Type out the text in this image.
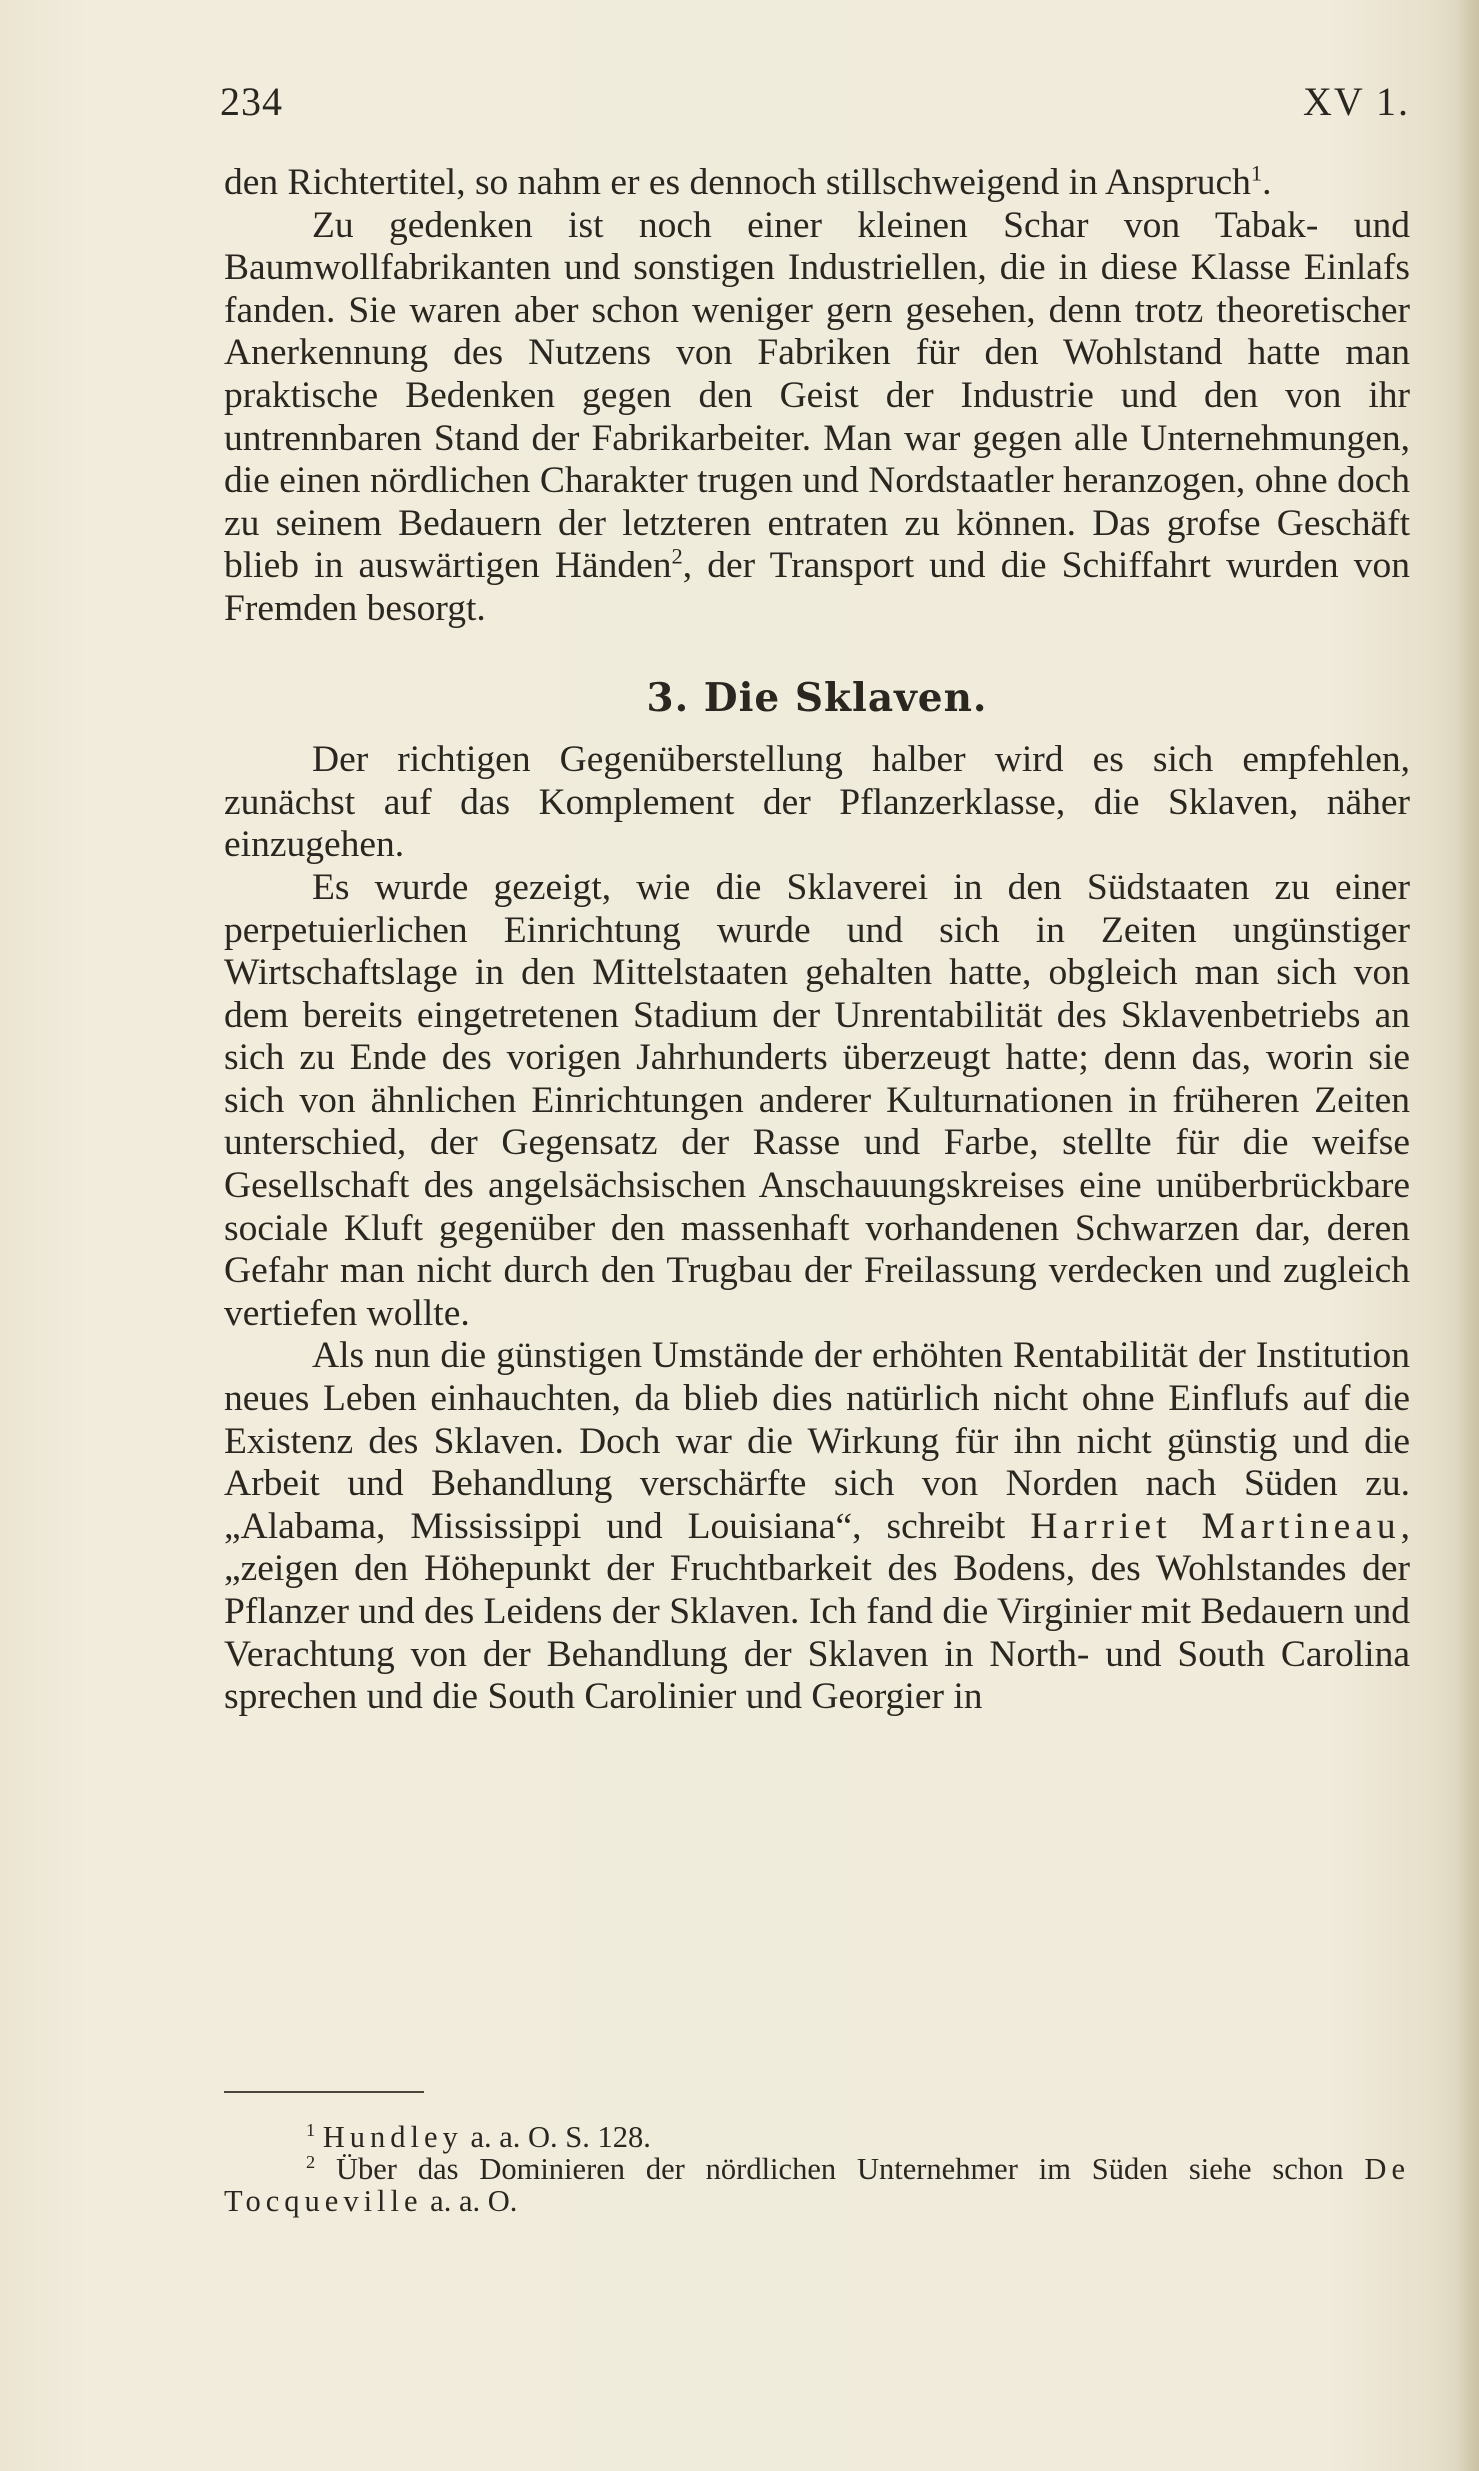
234	XV 1.

den Richtertitel, so nahm er es dennoch stillschweigend in Anspruch$^1$.

Zu gedenken ist noch einer kleinen Schar von Tabak- und Baumwollfabrikanten und sonstigen Industriellen, die in diese Klasse Einlafs fanden. Sie waren aber schon weniger gern gesehen, denn trotz theoretischer Anerkennung des Nutzens von Fabriken für den Wohlstand hatte man praktische Bedenken gegen den Geist der Industrie und den von ihr untrennbaren Stand der Fabrikarbeiter. Man war gegen alle Unternehmungen, die einen nördlichen Charakter trugen und Nordstaatler heranzogen, ohne doch zu seinem Bedauern der letzteren entraten zu können. Das grofse Geschäft blieb in auswärtigen Händen$^2$, der Transport und die Schiffahrt wurden von Fremden besorgt.

3. Die Sklaven.

Der richtigen Gegenüberstellung halber wird es sich empfehlen, zunächst auf das Komplement der Pflanzerklasse, die Sklaven, näher einzugehen.

Es wurde gezeigt, wie die Sklaverei in den Südstaaten zu einer perpetuierlichen Einrichtung wurde und sich in Zeiten ungünstiger Wirtschaftslage in den Mittelstaaten gehalten hatte, obgleich man sich von dem bereits eingetretenen Stadium der Unrentabilität des Sklavenbetriebs an sich zu Ende des vorigen Jahrhunderts überzeugt hatte; denn das, worin sie sich von ähnlichen Einrichtungen anderer Kulturnationen in früheren Zeiten unterschied, der Gegensatz der Rasse und Farbe, stellte für die weifse Gesellschaft des angelsächsischen Anschauungskreises eine unüberbrückbare sociale Kluft gegenüber den massenhaft vorhandenen Schwarzen dar, deren Gefahr man nicht durch den Trugbau der Freilassung verdecken und zugleich vertiefen wollte.

Als nun die günstigen Umstände der erhöhten Rentabilität der Institution neues Leben einhauchten, da blieb dies natürlich nicht ohne Einflufs auf die Existenz des Sklaven. Doch war die Wirkung für ihn nicht günstig und die Arbeit und Behandlung verschärfte sich von Norden nach Süden zu. „Alabama, Mississippi und Louisiana“, schreibt Harriet Martineau, „zeigen den Höhepunkt der Fruchtbarkeit des Bodens, des Wohlstandes der Pflanzer und des Leidens der Sklaven. Ich fand die Virginier mit Bedauern und Verachtung von der Behandlung der Sklaven in North- und South Carolina sprechen und die South Carolinier und Georgier in

$^1$ Hundley a. a. O. S. 128.

$^2$ Über das Dominieren der nördlichen Unternehmer im Süden siehe schon De Tocqueville a. a. O.
